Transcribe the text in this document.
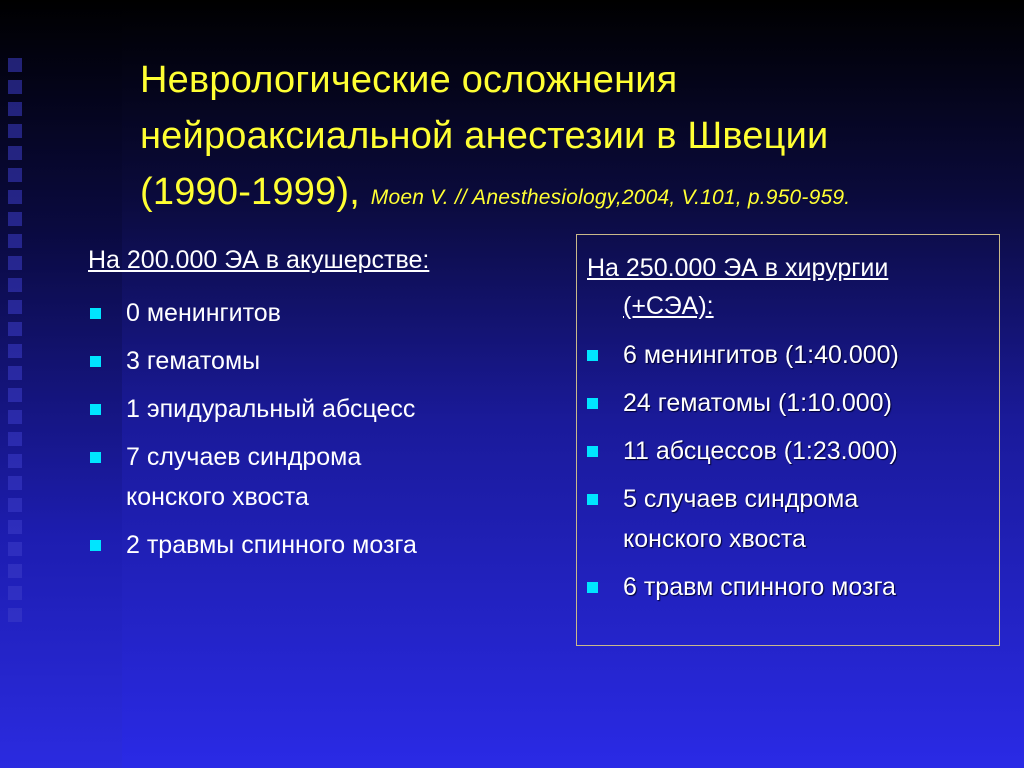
Неврологические осложнения
нейроаксиальной анестезии в Швеции
(1990-1999), Moen V. // Anesthesiology,2004, V.101, p.950-959.
На 200.000 ЭА в акушерстве:
0 менингитов
3 гематомы
1 эпидуральный абсцесс
7 случаев синдрома конского хвоста
2 травмы спинного мозга
На 250.000 ЭА в хирургии
(+СЭА):
6 менингитов (1:40.000)
24 гематомы (1:10.000)
11 абсцессов (1:23.000)
5 случаев синдрома конского хвоста
6 травм спинного мозга
